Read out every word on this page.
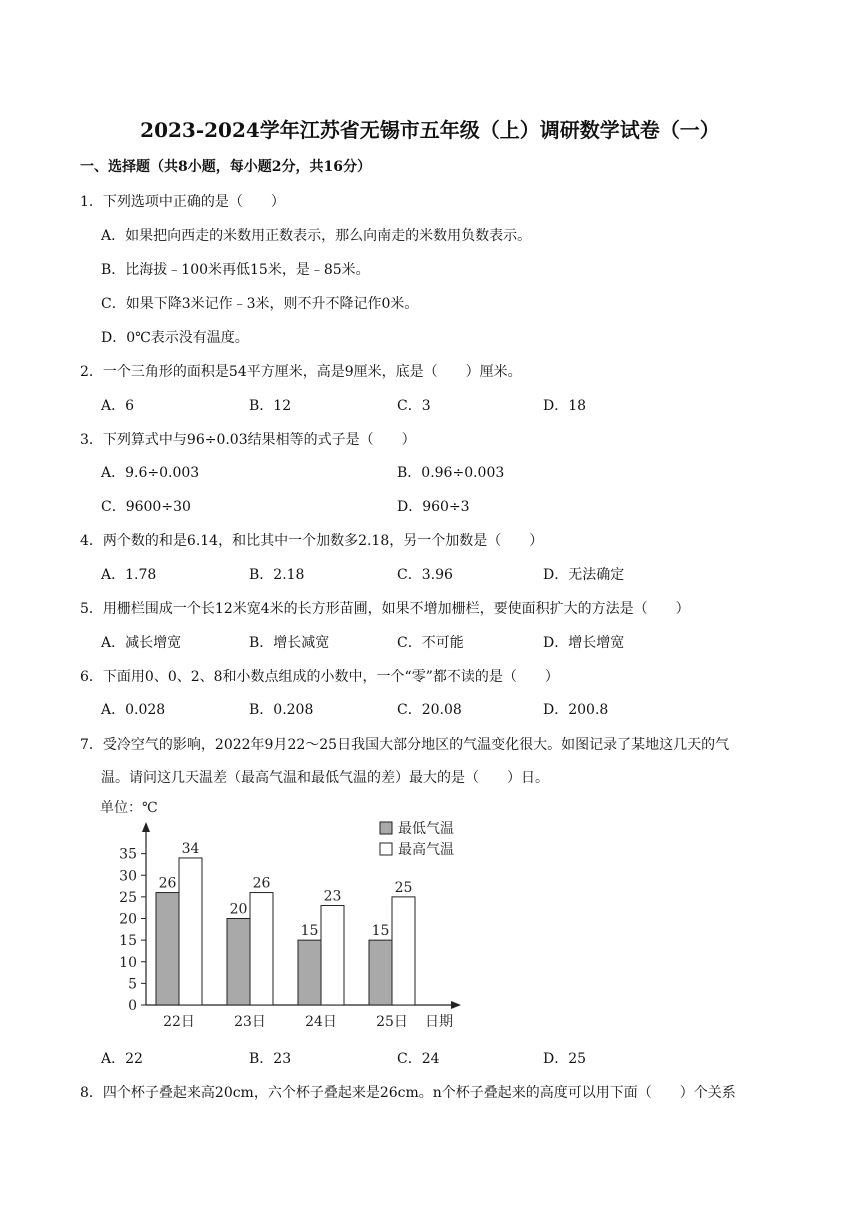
2023-2024学年江苏省无锡市五年级（上）调研数学试卷（一）
一、选择题（共8小题，每小题2分，共16分）
1．下列选项中正确的是（　　）
A．如果把向西走的米数用正数表示，那么向南走的米数用负数表示。
B．比海拔﹣100米再低15米，是﹣85米。
C．如果下降3米记作﹣3米，则不升不降记作0米。
D．0℃表示没有温度。
2．一个三角形的面积是54平方厘米，高是9厘米，底是（　　）厘米。
A．6	B．12	C．3	D．18
3．下列算式中与96÷0.03结果相等的式子是（　　）
A．9.6÷0.003	B．0.96÷0.003
C．9600÷30	D．960÷3
4．两个数的和是6.14，和比其中一个加数多2.18，另一个加数是（　　）
A．1.78	B．2.18	C．3.96	D．无法确定
5．用栅栏围成一个长12米宽4米的长方形苗圃，如果不增加栅栏，要使面积扩大的方法是（　　）
A．减长增宽	B．增长减宽	C．不可能	D．增长增宽
6．下面用0、0、2、8和小数点组成的小数中，一个“零”都不读的是（　　）
A．0.028	B．0.208	C．20.08	D．200.8
7．受冷空气的影响，2022年9月22～25日我国大部分地区的气温变化很大。如图记录了某地这几天的气
温。请问这几天温差（最高气温和最低气温的差）最大的是（　　）日。
单位：℃
0
5
10
15
20
25
30
35
26
34
22日
20
26
23日
15
23
24日
15
25
25日
最低气温
最高气温
日期
A．22	B．23	C．24	D．25
8．四个杯子叠起来高20cm，六个杯子叠起来是26cm。n个杯子叠起来的高度可以用下面（　　）个关系
